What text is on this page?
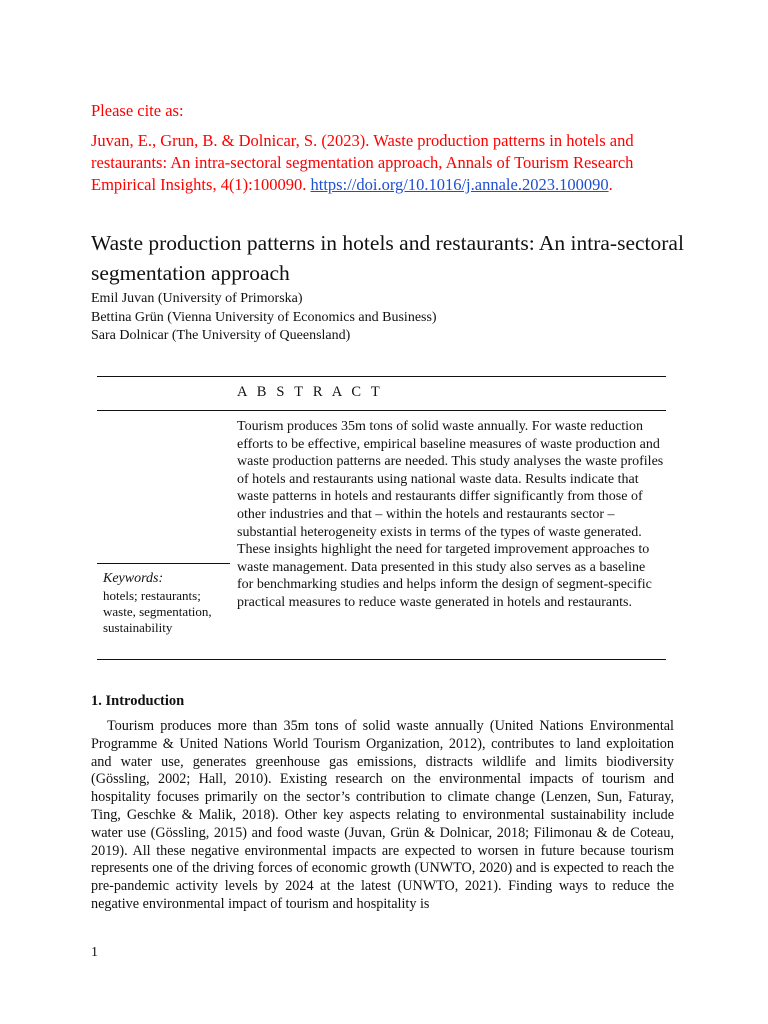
Please cite as:
Juvan, E., Grun, B. & Dolnicar, S. (2023). Waste production patterns in hotels and restaurants: An intra-sectoral segmentation approach, Annals of Tourism Research Empirical Insights, 4(1):100090. https://doi.org/10.1016/j.annale.2023.100090.
Waste production patterns in hotels and restaurants: An intra-sectoral segmentation approach
Emil Juvan (University of Primorska)
Bettina Grün (Vienna University of Economics and Business)
Sara Dolnicar (The University of Queensland)
A B S T R A C T
Tourism produces 35m tons of solid waste annually. For waste reduction efforts to be effective, empirical baseline measures of waste production and waste production patterns are needed. This study analyses the waste profiles of hotels and restaurants using national waste data. Results indicate that waste patterns in hotels and restaurants differ significantly from those of other industries and that – within the hotels and restaurants sector – substantial heterogeneity exists in terms of the types of waste generated. These insights highlight the need for targeted improvement approaches to waste management. Data presented in this study also serves as a baseline for benchmarking studies and helps inform the design of segment-specific practical measures to reduce waste generated in hotels and restaurants.
Keywords:
hotels; restaurants; waste, segmentation, sustainability
1. Introduction
Tourism produces more than 35m tons of solid waste annually (United Nations Environmental Programme & United Nations World Tourism Organization, 2012), contributes to land exploitation and water use, generates greenhouse gas emissions, distracts wildlife and limits biodiversity (Gössling, 2002; Hall, 2010). Existing research on the environmental impacts of tourism and hospitality focuses primarily on the sector’s contribution to climate change (Lenzen, Sun, Faturay, Ting, Geschke & Malik, 2018). Other key aspects relating to environmental sustainability include water use (Gössling, 2015) and food waste (Juvan, Grün & Dolnicar, 2018; Filimonau & de Coteau, 2019). All these negative environmental impacts are expected to worsen in future because tourism represents one of the driving forces of economic growth (UNWTO, 2020) and is expected to reach the pre-pandemic activity levels by 2024 at the latest (UNWTO, 2021). Finding ways to reduce the negative environmental impact of tourism and hospitality is
1
